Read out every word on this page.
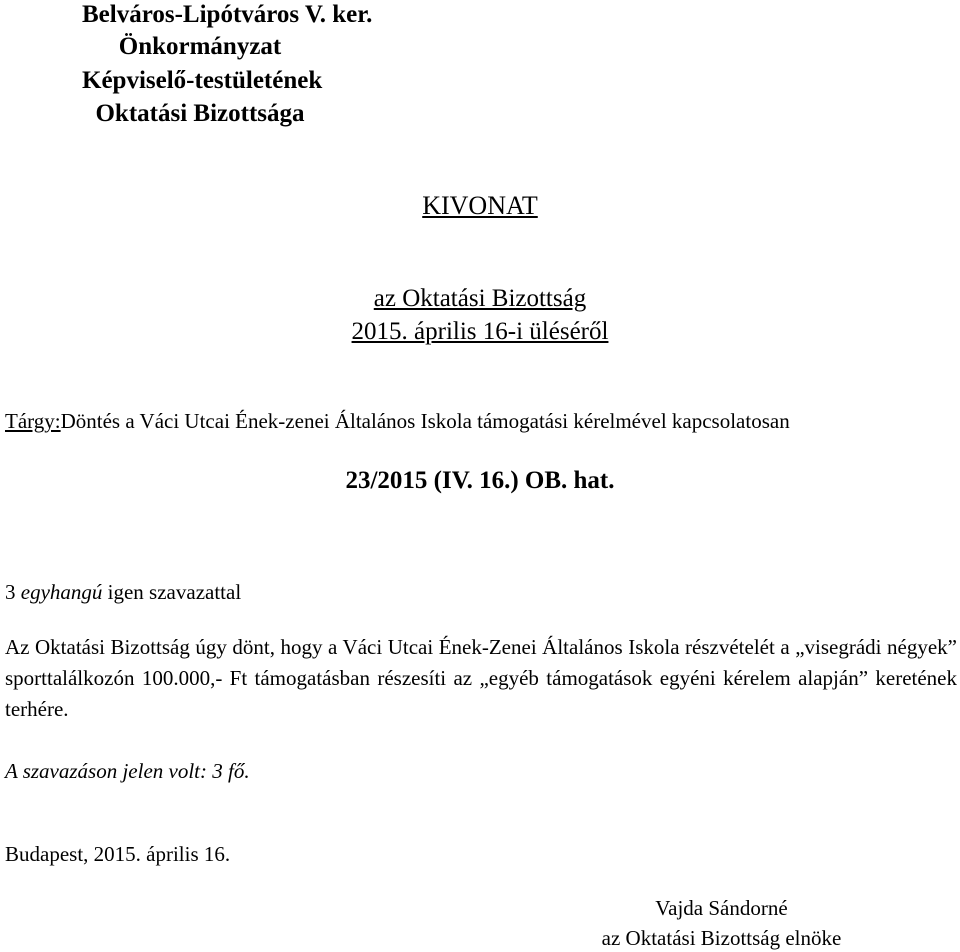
Belváros-Lipótváros V. ker.
Önkormányzat
Képviselő-testületének
Oktatási Bizottsága
KIVONAT
az Oktatási Bizottság
2015. április 16-i üléséről
Tárgy:Döntés a Váci Utcai Ének-zenei Általános Iskola támogatási kérelmével kapcsolatosan
23/2015 (IV. 16.) OB. hat.
3 egyhangú igen szavazattal
Az Oktatási Bizottság úgy dönt, hogy a Váci Utcai Ének-Zenei Általános Iskola részvételét a „visegrádi négyek” sporttalálkozón 100.000,- Ft támogatásban részesíti az „egyéb támogatások egyéni kérelem alapján” keretének terhére.
A szavazáson jelen volt: 3 fő.
Budapest, 2015. április 16.
Vajda Sándorné
az Oktatási Bizottság elnöke
